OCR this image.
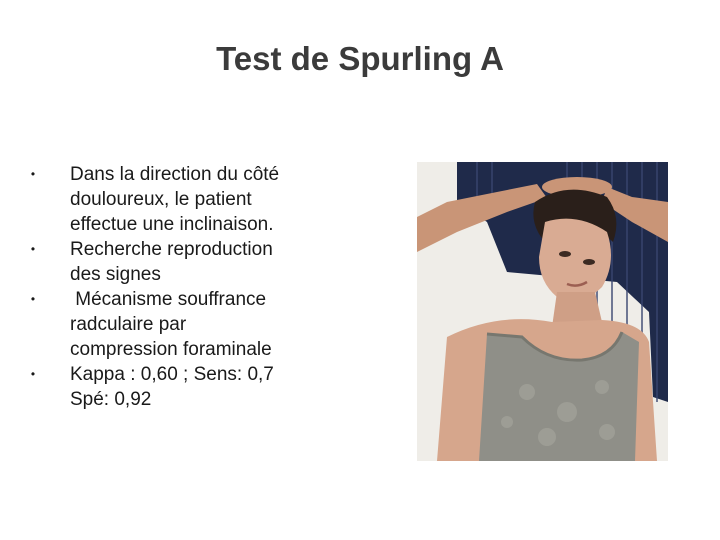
Test de Spurling A
• Dans la direction du côté
douloureux, le patient
effectue une inclinaison.
• Recherche reproduction
des signes
• Mécanisme souffrance
radculaire par
compression foraminale
• Kappa : 0,60 ; Sens: 0,7
Spé: 0,92
